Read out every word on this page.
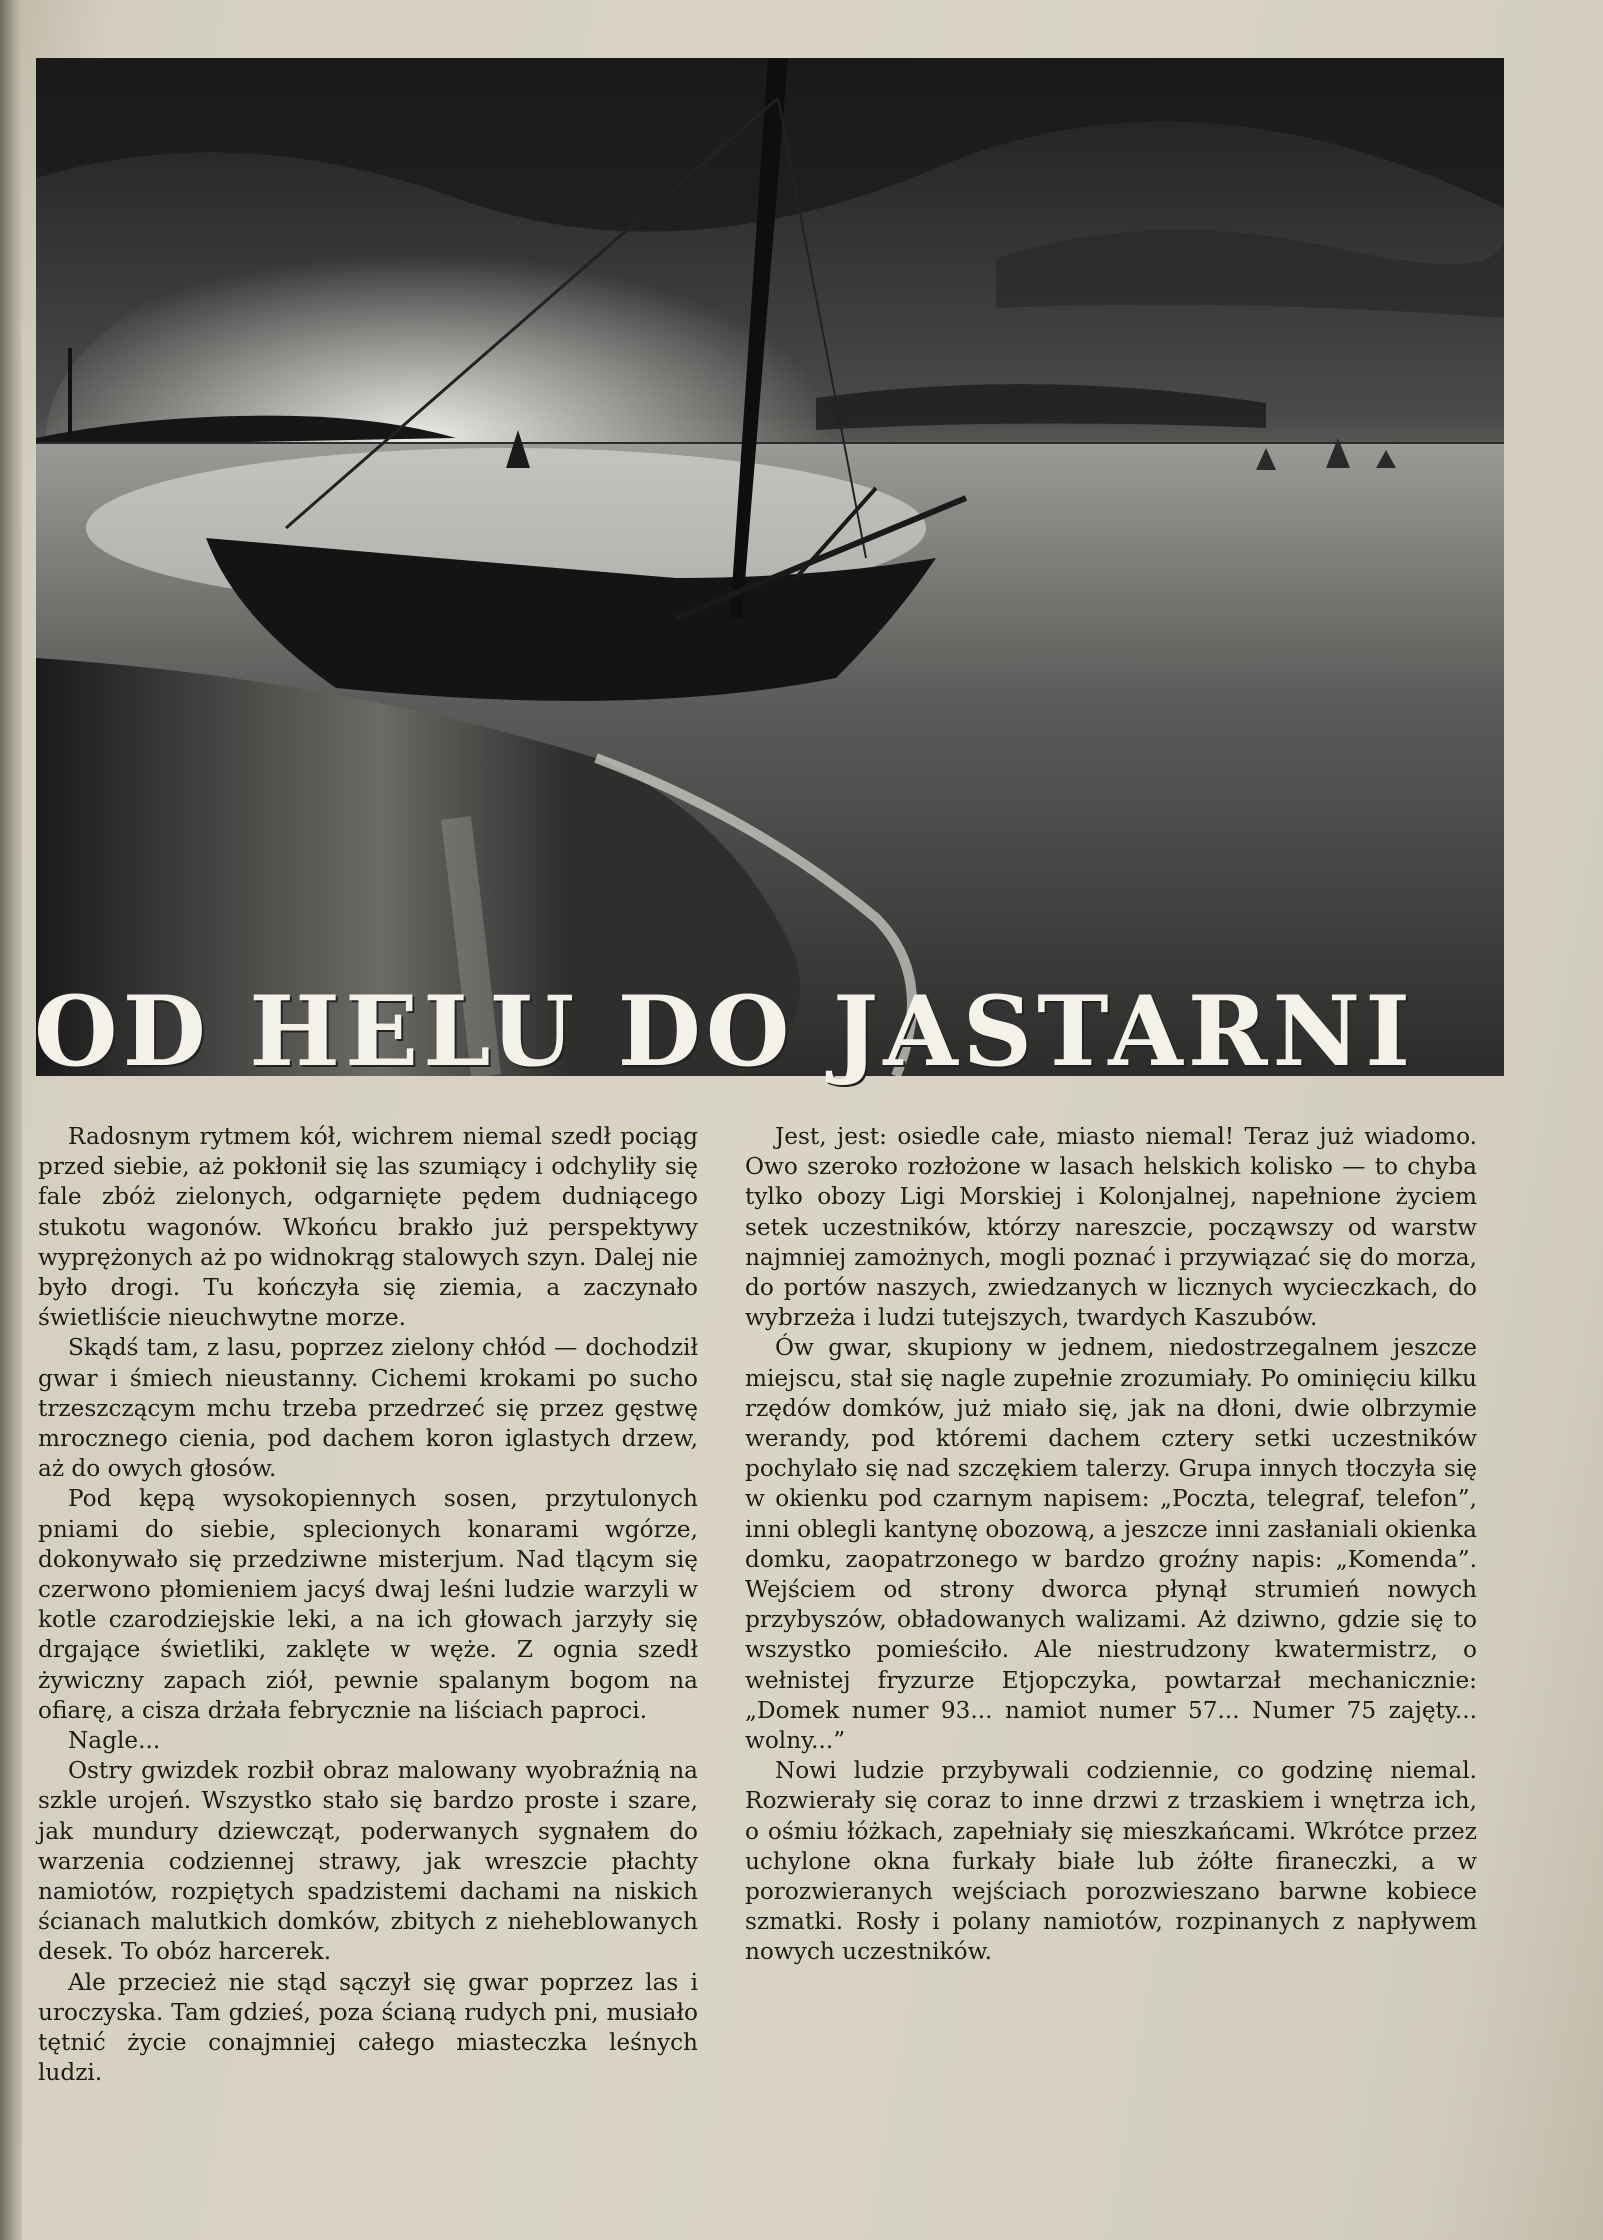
OD HELU DO JASTARNI

Radosnym rytmem kół, wichrem niemal szedł pociąg przed siebie, aż pokłonił się las szumiący i odchyliły się fale zbóż zielonych, odgarnięte pędem dudniącego stukotu wagonów. Wkońcu brakło już perspektywy wyprężonych aż po widnokrąg stalowych szyn. Dalej nie było drogi. Tu kończyła się ziemia, a zaczynało świetliście nieuchwytne morze.

Skądś tam, z lasu, poprzez zielony chłód — dochodził gwar i śmiech nieustanny. Cichemi krokami po sucho trzeszczącym mchu trzeba przedrzeć się przez gęstwę mrocznego cienia, pod dachem koron iglastych drzew, aż do owych głosów.

Pod kępą wysokopiennych sosen, przytulonych pniami do siebie, splecionych konarami wgórze, dokonywało się przedziwne misterjum. Nad tlącym się czerwono płomieniem jacyś dwaj leśni ludzie warzyli w kotle czarodziejskie leki, a na ich głowach jarzyły się drgające świetliki, zaklęte w węże. Z ognia szedł żywiczny zapach ziół, pewnie spalanym bogom na ofiarę, a cisza drżała febrycznie na liściach paproci.

Nagle...

Ostry gwizdek rozbił obraz malowany wyobraźnią na szkle urojeń. Wszystko stało się bardzo proste i szare, jak mundury dziewcząt, poderwanych sygnałem do warzenia codziennej strawy, jak wreszcie płachty namiotów, rozpiętych spadzistemi dachami na niskich ścianach malutkich domków, zbitych z nieheblowanych desek. To obóz harcerek.

Ale przecież nie stąd sączył się gwar poprzez las i uroczyska. Tam gdzieś, poza ścianą rudych pni, musiało tętnić życie conajmniej całego miasteczka leśnych ludzi.

Jest, jest: osiedle całe, miasto niemal! Teraz już wiadomo. Owo szeroko rozłożone w lasach helskich kolisko — to chyba tylko obozy Ligi Morskiej i Kolonjalnej, napełnione życiem setek uczestników, którzy nareszcie, począwszy od warstw najmniej zamożnych, mogli poznać i przywiązać się do morza, do portów naszych, zwiedzanych w licznych wycieczkach, do wybrzeża i ludzi tutejszych, twardych Kaszubów.

Ów gwar, skupiony w jednem, niedostrzegalnem jeszcze miejscu, stał się nagle zupełnie zrozumiały. Po ominięciu kilku rzędów domków, już miało się, jak na dłoni, dwie olbrzymie werandy, pod któremi dachem cztery setki uczestników pochylało się nad szczękiem talerzy. Grupa innych tłoczyła się w okienku pod czarnym napisem: „Poczta, telegraf, telefon”, inni oblegli kantynę obozową, a jeszcze inni zasłaniali okienka domku, zaopatrzonego w bardzo groźny napis: „Komenda”. Wejściem od strony dworca płynął strumień nowych przybyszów, obładowanych walizami. Aż dziwno, gdzie się to wszystko pomieściło. Ale niestrudzony kwatermistrz, o wełnistej fryzurze Etjopczyka, powtarzał mechanicznie: „Domek numer 93... namiot numer 57... Numer 75 zajęty... wolny...”

Nowi ludzie przybywali codziennie, co godzinę niemal. Rozwierały się coraz to inne drzwi z trzaskiem i wnętrza ich, o ośmiu łóżkach, zapełniały się mieszkańcami. Wkrótce przez uchylone okna furkały białe lub żółte firaneczki, a w porozwieranych wejściach porozwieszano barwne kobiece szmatki. Rosły i polany namiotów, rozpinanych z napływem nowych uczestników.
